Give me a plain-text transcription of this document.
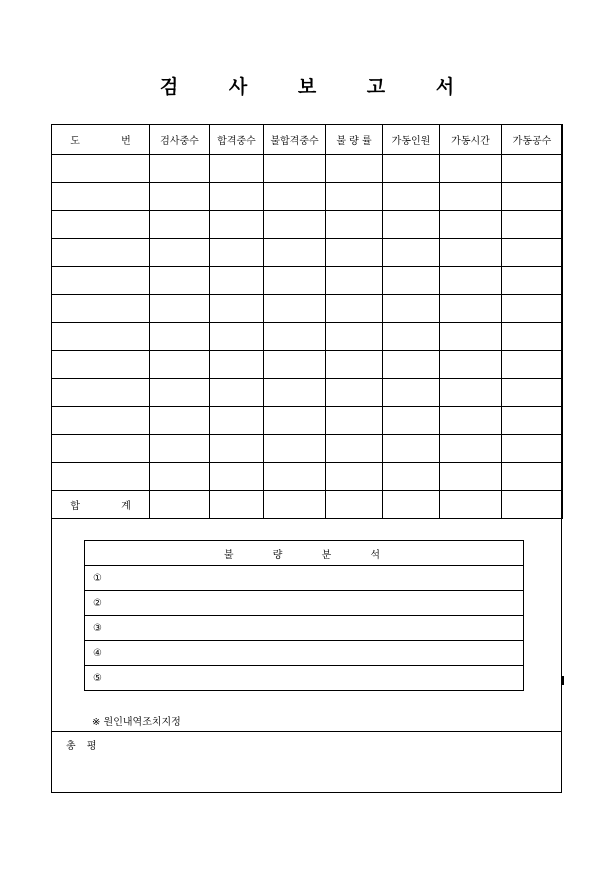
검 사 보 고 서
도 번	검사중수	합격중수	불합격중수	불 량 률	가동인원	가동시간	가동공수

합 계							
불 량 분 석
①
②
③
④
⑤
※ 원인내역조치지정
총 평
